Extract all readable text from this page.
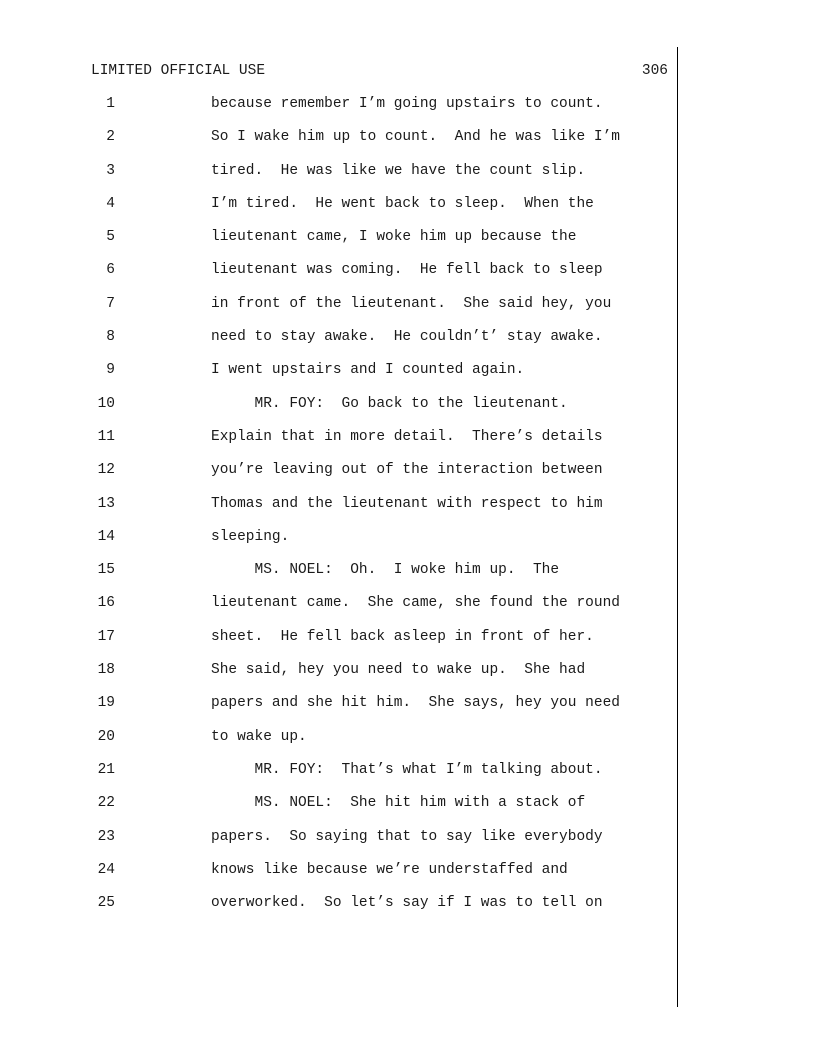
LIMITED OFFICIAL USE	306
1	because remember I’m going upstairs to count.
2	So I wake him up to count.  And he was like I’m
3	tired.  He was like we have the count slip.
4	I’m tired.  He went back to sleep.  When the
5	lieutenant came, I woke him up because the
6	lieutenant was coming.  He fell back to sleep
7	in front of the lieutenant.  She said hey, you
8	need to stay awake.  He couldn’t’ stay awake.
9	I went upstairs and I counted again.
10	MR. FOY:  Go back to the lieutenant.
11	Explain that in more detail.  There’s details
12	you’re leaving out of the interaction between
13	Thomas and the lieutenant with respect to him
14	sleeping.
15	MS. NOEL:  Oh.  I woke him up.  The
16	lieutenant came.  She came, she found the round
17	sheet.  He fell back asleep in front of her.
18	She said, hey you need to wake up.  She had
19	papers and she hit him.  She says, hey you need
20	to wake up.
21	MR. FOY:  That’s what I’m talking about.
22	MS. NOEL:  She hit him with a stack of
23	papers.  So saying that to say like everybody
24	knows like because we’re understaffed and
25	overworked.  So let’s say if I was to tell on
